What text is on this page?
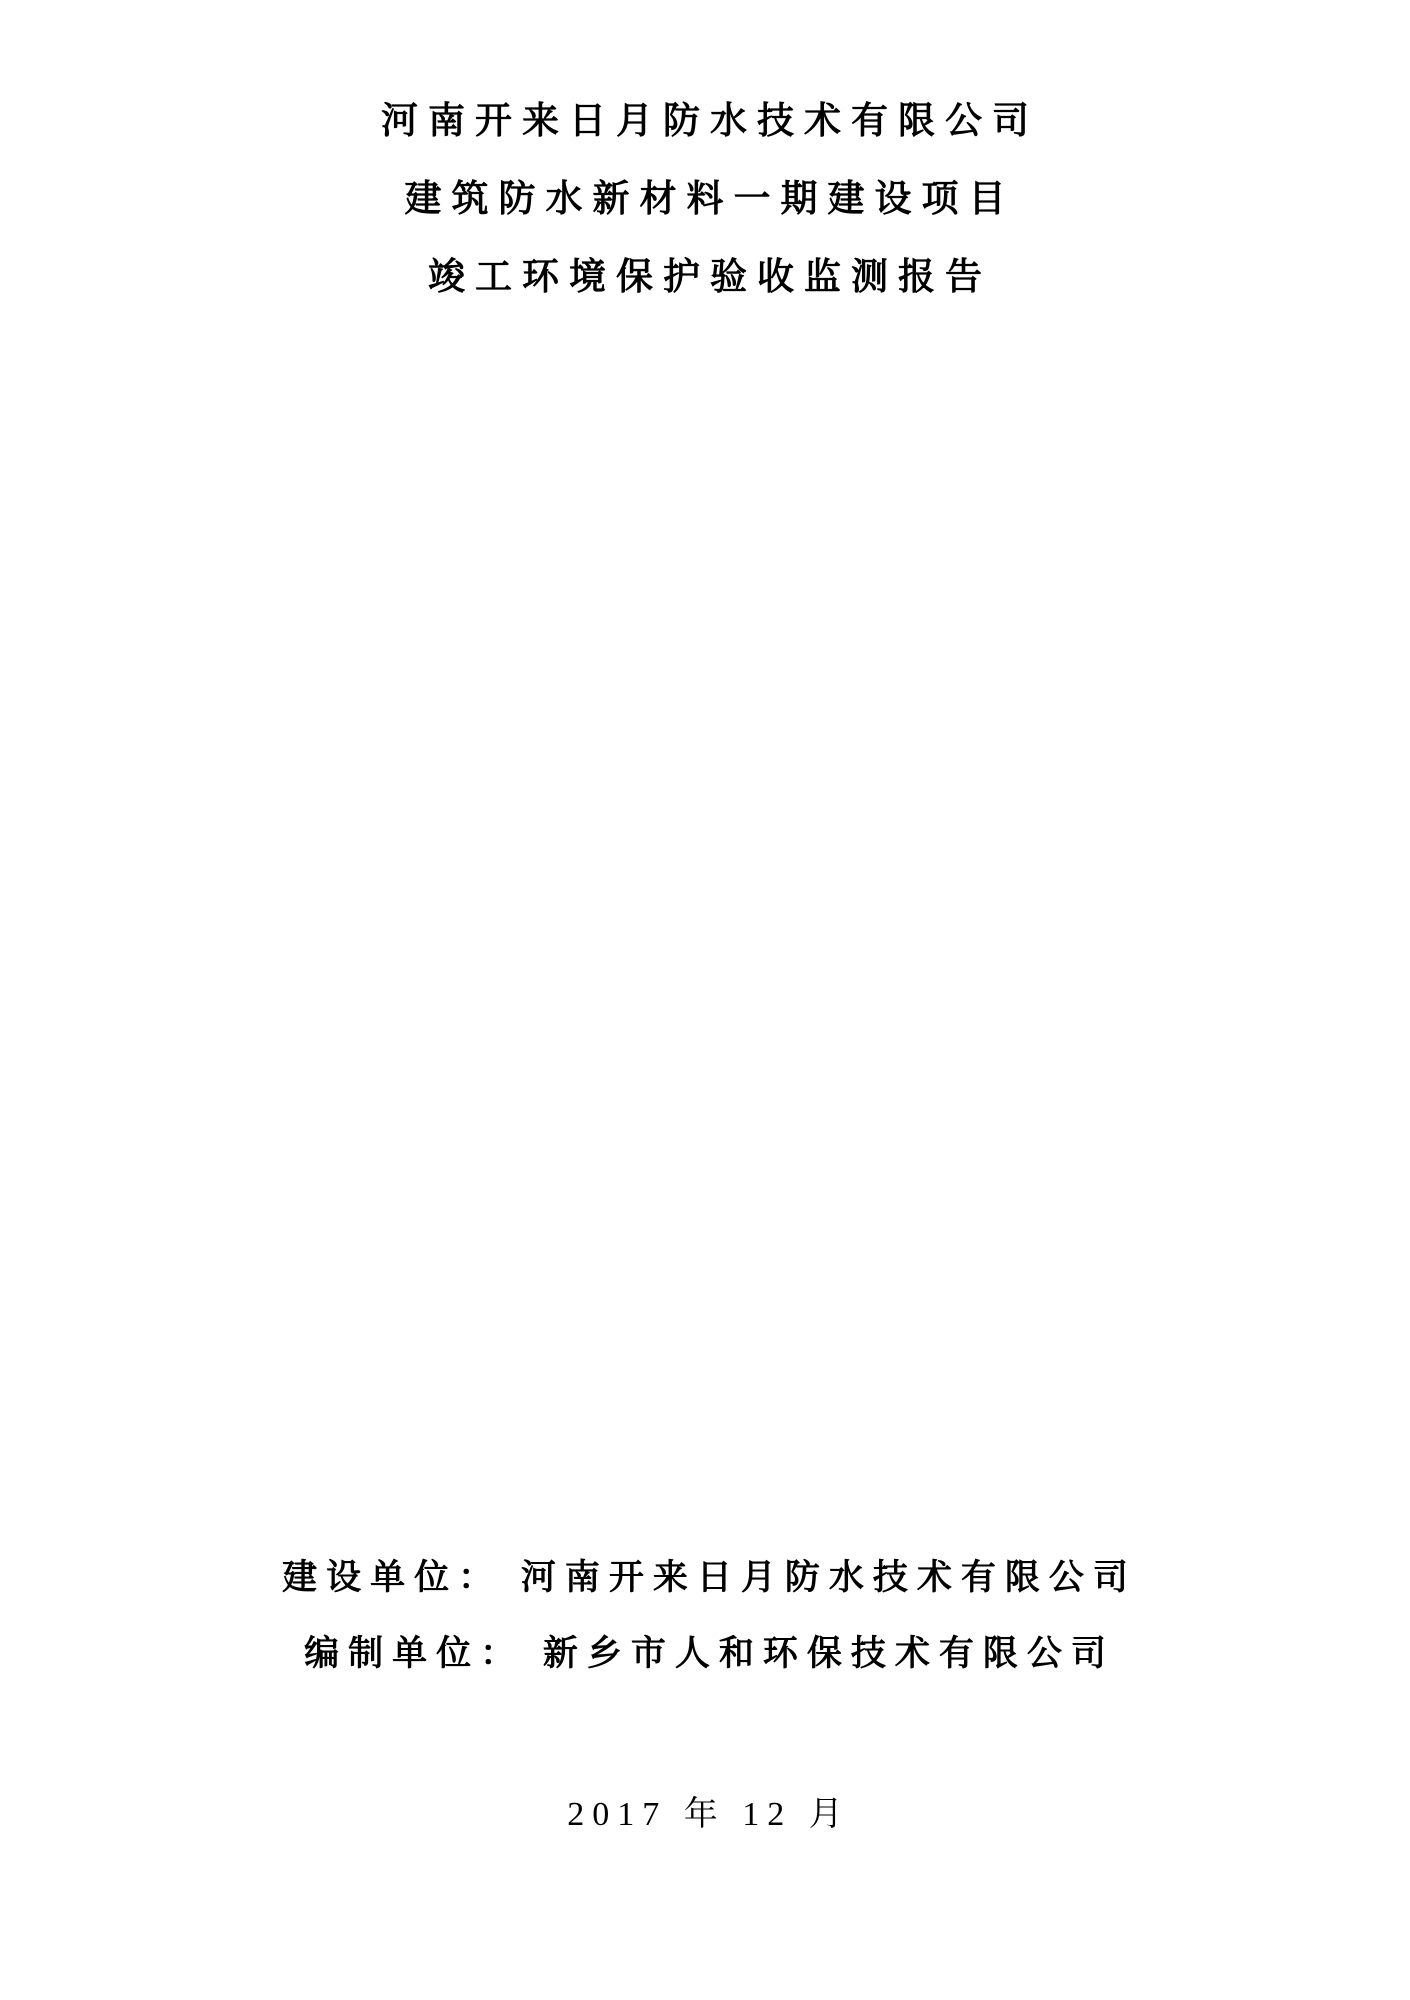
河南开来日月防水技术有限公司
建筑防水新材料一期建设项目
竣工环境保护验收监测报告
建设单位： 河南开来日月防水技术有限公司
编制单位： 新乡市人和环保技术有限公司
2017 年 12 月
